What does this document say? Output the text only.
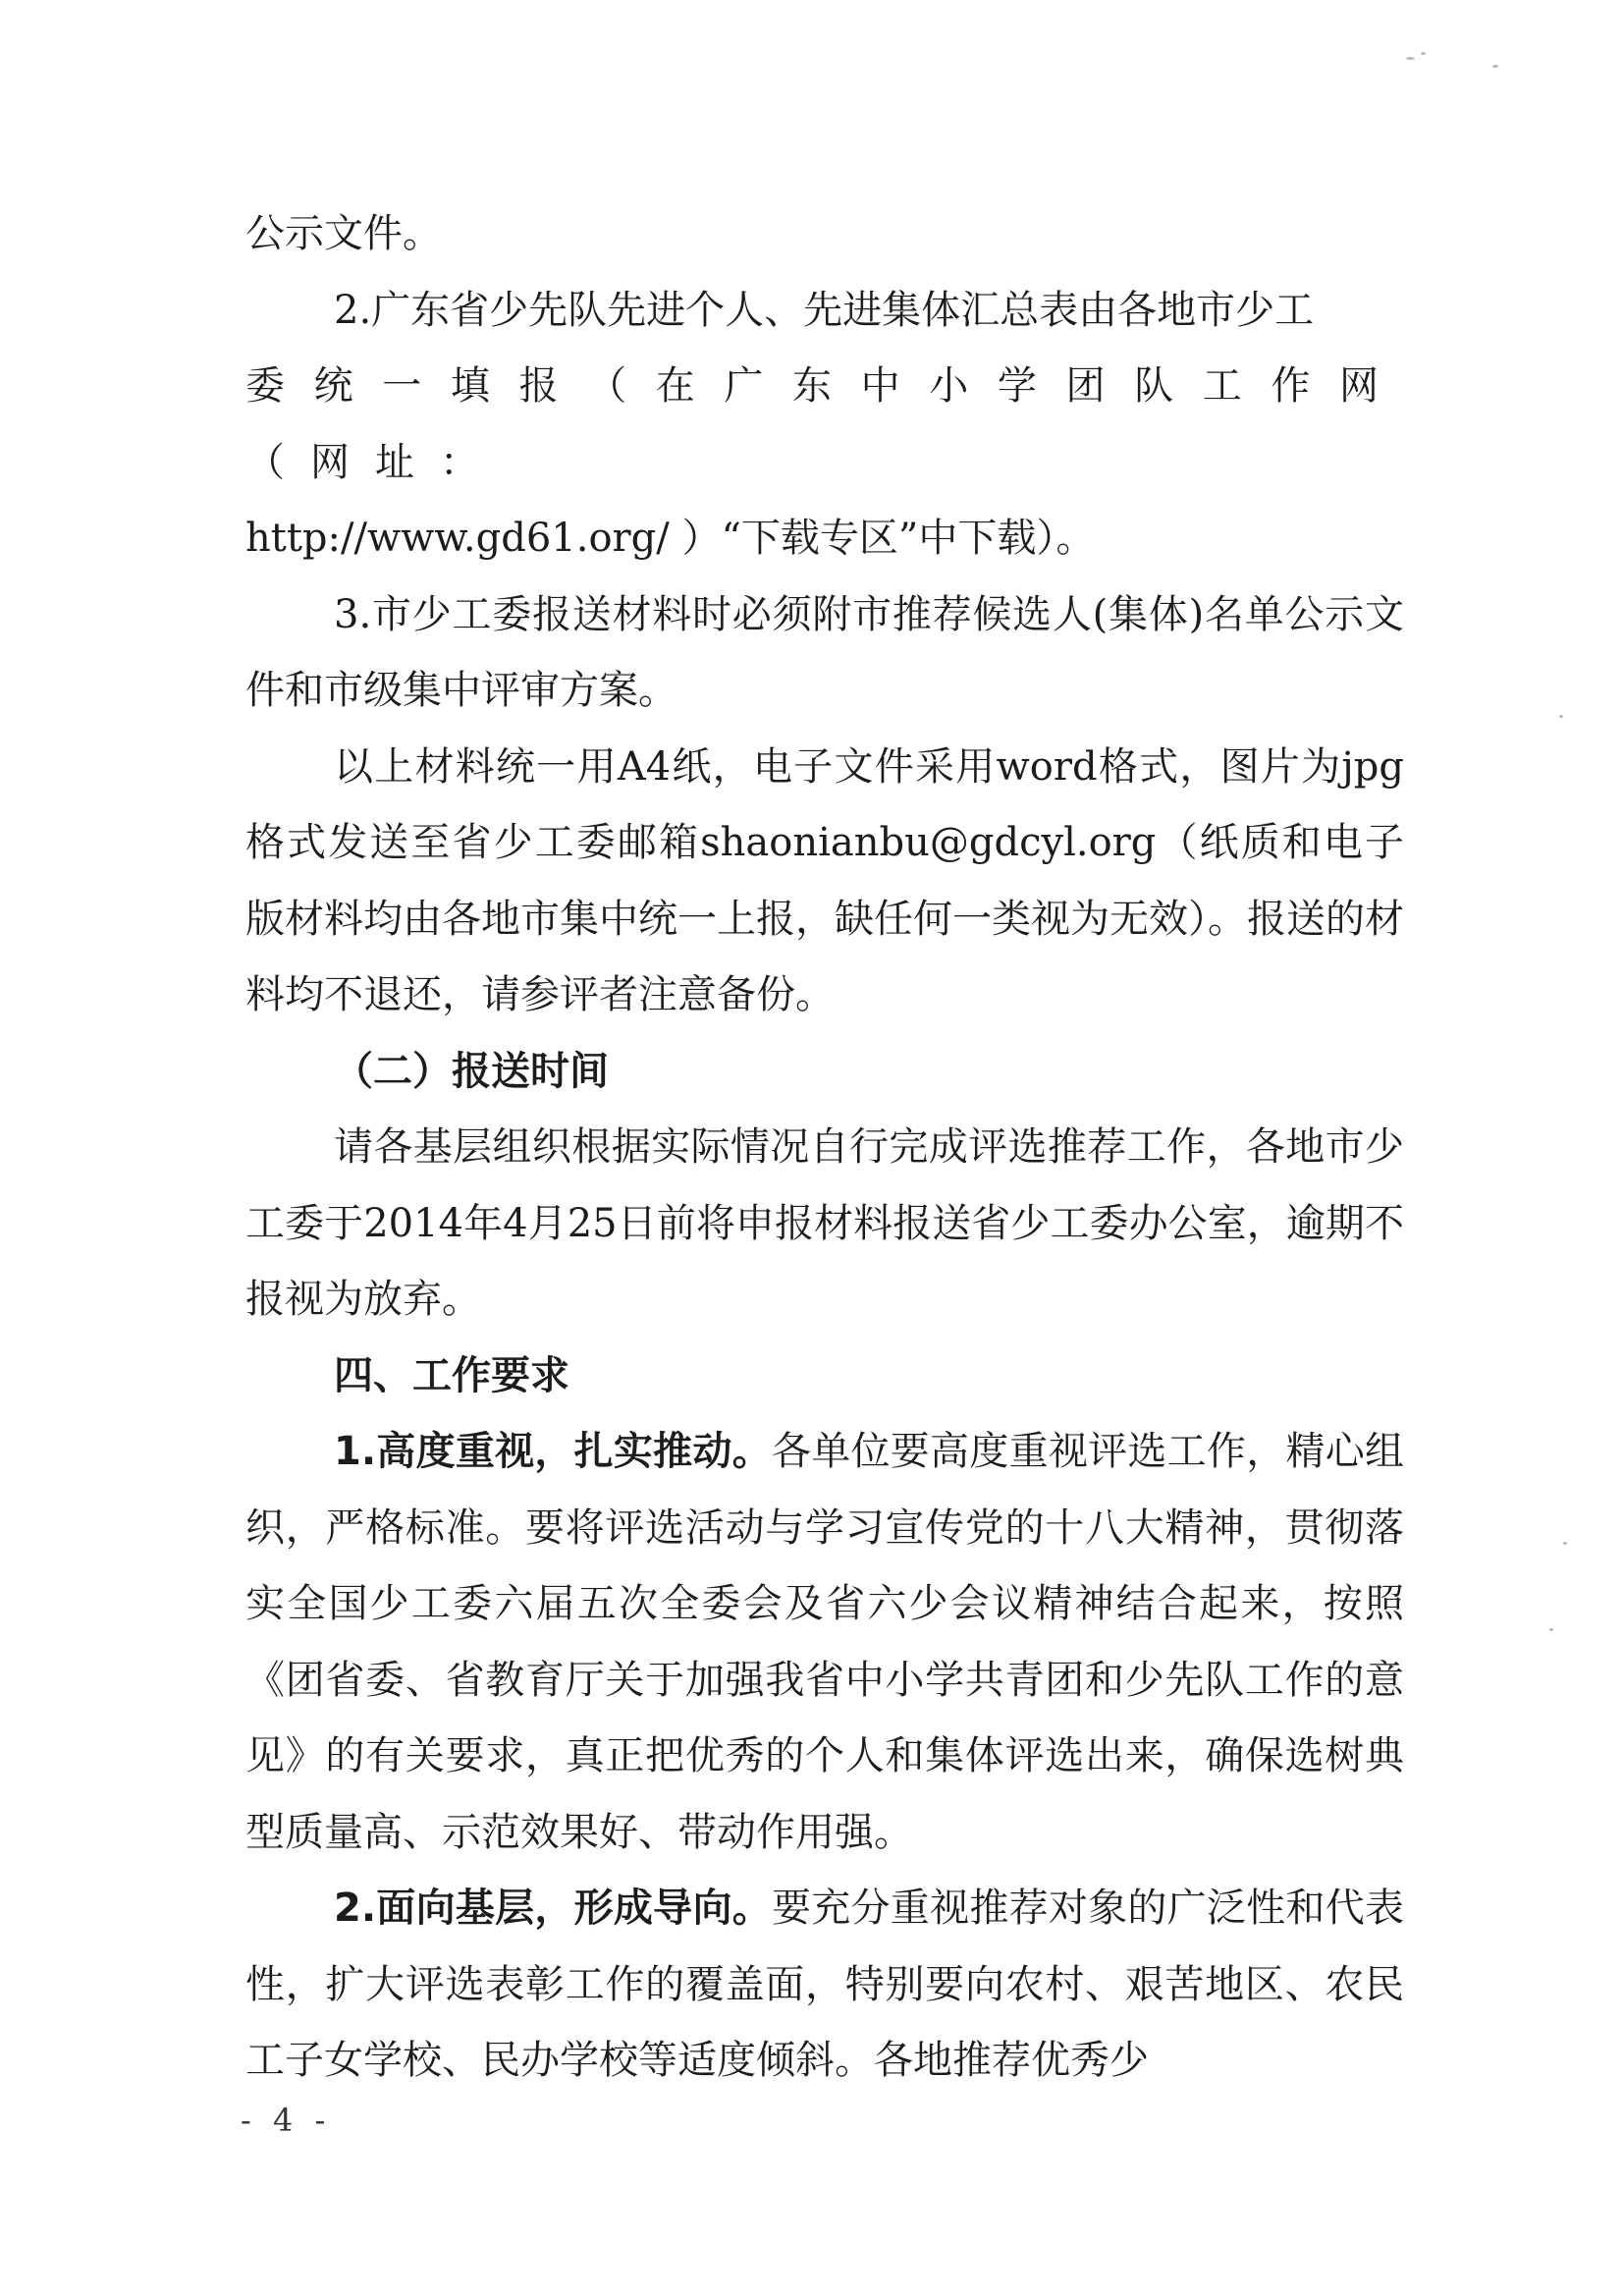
公示文件。

2.广东省少先队先进个人、先进集体汇总表由各地市少工

委统一填报（在广东中小学团队工作网（网址：

http://www.gd61.org/ ）“下载专区”中下载）。

3.市少工委报送材料时必须附市推荐候选人(集体)名单公示文件和市级集中评审方案。

以上材料统一用A4纸，电子文件采用word格式，图片为jpg格式发送至省少工委邮箱shaonianbu@gdcyl.org（纸质和电子版材料均由各地市集中统一上报，缺任何一类视为无效）。报送的材料均不退还，请参评者注意备份。

（二）报送时间

请各基层组织根据实际情况自行完成评选推荐工作，各地市少工委于2014年4月25日前将申报材料报送省少工委办公室，逾期不报视为放弃。

四、工作要求

1.高度重视，扎实推动。各单位要高度重视评选工作，精心组织，严格标准。要将评选活动与学习宣传党的十八大精神，贯彻落实全国少工委六届五次全委会及省六少会议精神结合起来，按照《团省委、省教育厅关于加强我省中小学共青团和少先队工作的意见》的有关要求，真正把优秀的个人和集体评选出来，确保选树典型质量高、示范效果好、带动作用强。

2.面向基层，形成导向。要充分重视推荐对象的广泛性和代表性，扩大评选表彰工作的覆盖面，特别要向农村、艰苦地区、农民工子女学校、民办学校等适度倾斜。各地推荐优秀少

- 4 -
